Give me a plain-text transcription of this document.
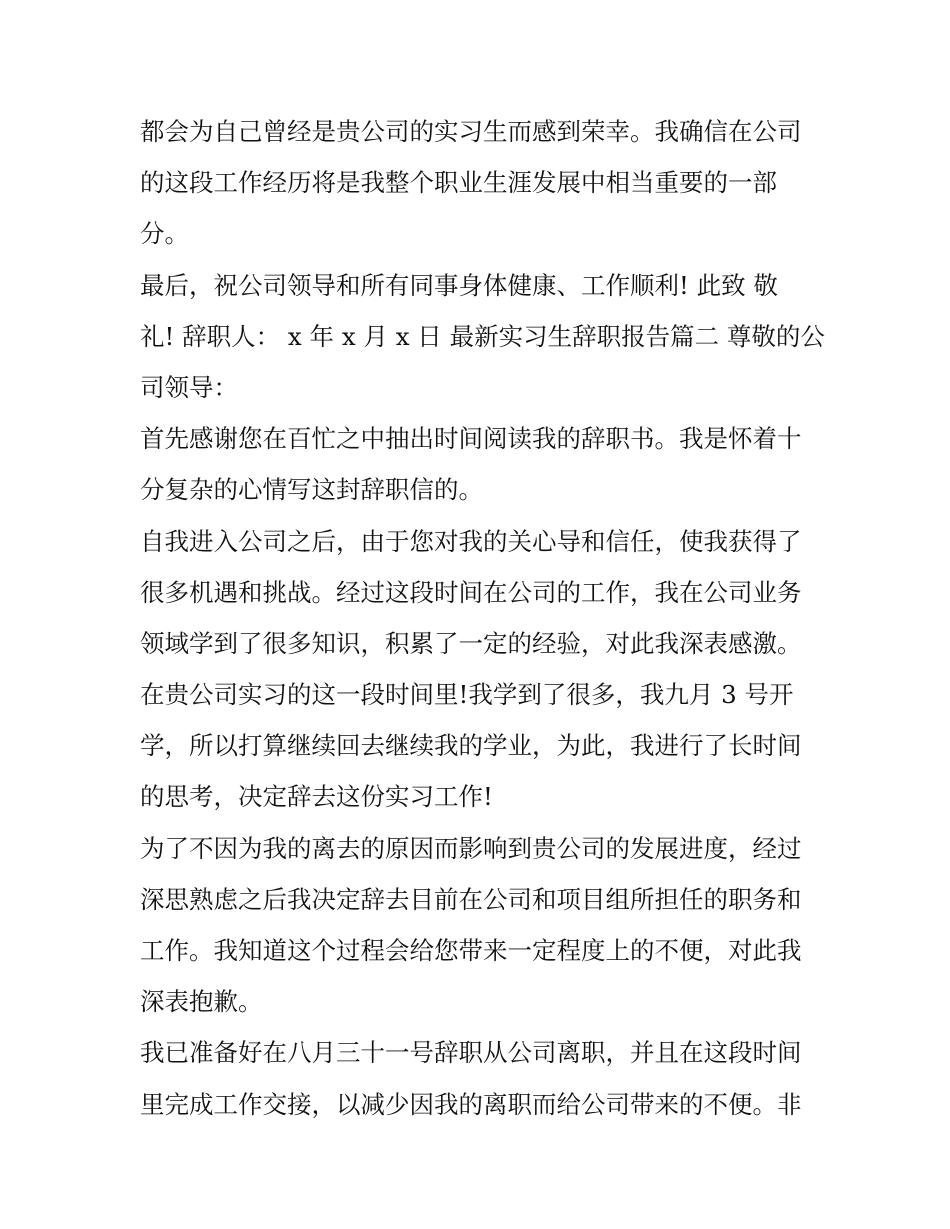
都会为自己曾经是贵公司的实习生而感到荣幸。我确信在公司
的这段工作经历将是我整个职业生涯发展中相当重要的一部
分。
最后，祝公司领导和所有同事身体健康、工作顺利! 此致 敬
礼! 辞职人： x 年 x 月 x 日 最新实习生辞职报告篇二 尊敬的公
司领导：
首先感谢您在百忙之中抽出时间阅读我的辞职书。我是怀着十
分复杂的心情写这封辞职信的。
自我进入公司之后，由于您对我的关心导和信任，使我获得了
很多机遇和挑战。经过这段时间在公司的工作，我在公司业务
领域学到了很多知识，积累了一定的经验，对此我深表感激。
在贵公司实习的这一段时间里!我学到了很多，我九月 3 号开
学，所以打算继续回去继续我的学业，为此，我进行了长时间
的思考，决定辞去这份实习工作!
为了不因为我的离去的原因而影响到贵公司的发展进度，经过
深思熟虑之后我决定辞去目前在公司和项目组所担任的职务和
工作。我知道这个过程会给您带来一定程度上的不便，对此我
深表抱歉。
我已准备好在八月三十一号辞职从公司离职，并且在这段时间
里完成工作交接，以减少因我的离职而给公司带来的不便。非
